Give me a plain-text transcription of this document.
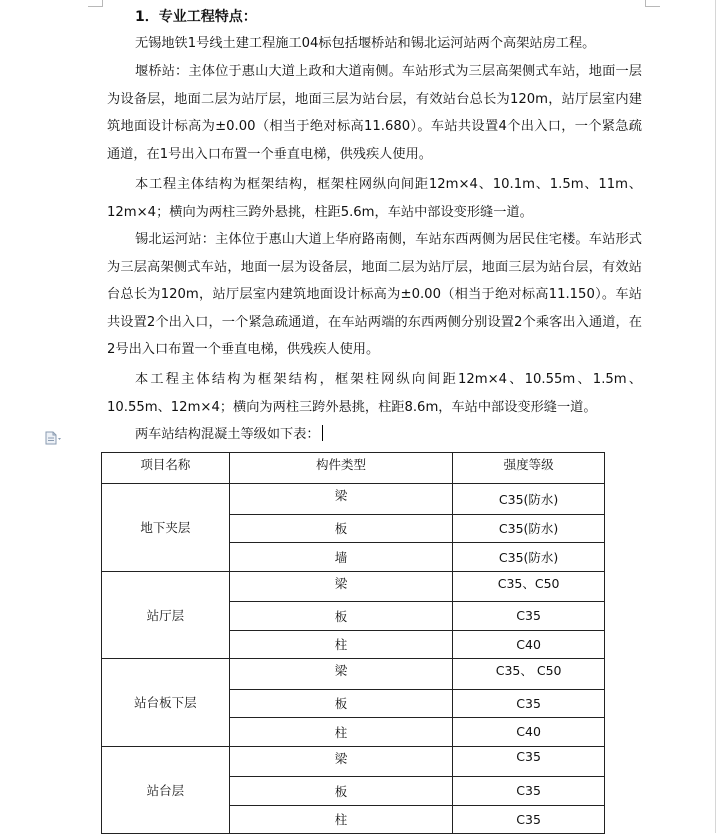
1．专业工程特点：

无锡地铁1号线土建工程施工04标包括堰桥站和锡北运河站两个高架站房工程。

堰桥站：主体位于惠山大道上政和大道南侧。车站形式为三层高架侧式车站，地面一层为设备层，地面二层为站厅层，地面三层为站台层，有效站台总长为120m，站厅层室内建筑地面设计标高为±0.00（相当于绝对标高11.680）。车站共设置4个出入口，一个紧急疏通道，在1号出入口布置一个垂直电梯，供残疾人使用。

本工程主体结构为框架结构，框架柱网纵向间距12m×4、10.1m、1.5m、11m、12m×4；横向为两柱三跨外悬挑，柱距5.6m，车站中部设变形缝一道。

锡北运河站：主体位于惠山大道上华府路南侧，车站东西两侧为居民住宅楼。车站形式为三层高架侧式车站，地面一层为设备层，地面二层为站厅层，地面三层为站台层，有效站台总长为120m，站厅层室内建筑地面设计标高为±0.00（相当于绝对标高11.150）。车站共设置2个出入口，一个紧急疏通道，在车站两端的东西两侧分别设置2个乘客出入通道，在2号出入口布置一个垂直电梯，供残疾人使用。

本工程主体结构为框架结构，框架柱网纵向间距12m×4、10.55m、1.5m、10.55m、12m×4；横向为两柱三跨外悬挑，柱距8.6m，车站中部设变形缝一道。

两车站结构混凝土等级如下表：

项目名称	构件类型	强度等级
地下夹层	梁	C35(防水)
	板	C35(防水)
	墙	C35(防水)
站厅层	梁	C35、C50
	板	C35
	柱	C40
站台板下层	梁	C35、 C50
	板	C35
	柱	C40
站台层	梁	C35
	板	C35
	柱	C35
